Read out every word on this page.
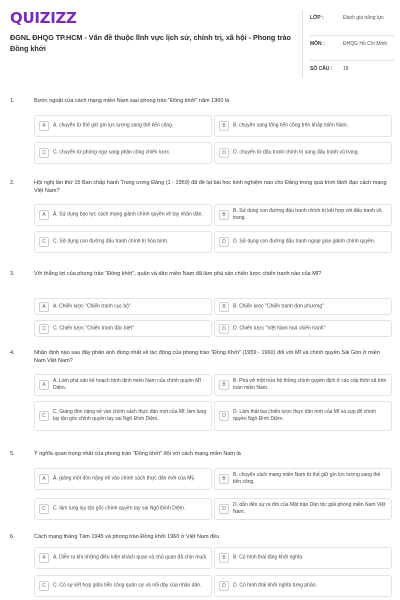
QUIZIZZ
ĐGNL ĐHQG TP.HCM - Vấn đề thuộc lĩnh vực lịch sử, chính trị, xã hội - Phong trào Đồng khởi
LỚP :	Đánh giá năng lực
MÔN :	ĐHQG Hồ Chí Minh
SỐ CÂU : 18
1.	Bước ngoặt của cách mạng miền Nam sau phong trào "Đồng khởi" năm 1960 là
A	A. chuyển từ thế giữ gìn lực lượng sang thế tiến công.	B	B. chuyển sang tổng tiến công trên khắp miền Nam.
C	C. chuyển từ phòng ngự sang phản công chiến lược.	D	D. chuyển từ đấu tranh chính trị sang đấu tranh vũ trang.
2.	Hội nghị lần thứ 15 Ban chấp hành Trung ương Đảng (1 - 1959) đã đề lại bài học kinh nghiệm nào cho Đảng trong quá trình lãnh đạo cách mạng Việt Nam?
A	A. Sử dụng bạo lực cách mạng giành chính quyền về tay nhân dân.	B
B. Sử dụng con đường đấu tranh chính trị kết hợp với đấu tranh vũ trang.
C	C. Sử dụng con đường đấu tranh chính trị hòa bình.	D	D. Sử dụng con đường đấu tranh ngoại giao giành chính quyền.
3.	Với thắng lợi của phong trào "Đồng khởi", quân và dân miền Nam đã làm phá sản chiến lược chiến tranh nào của Mĩ?
A	A. Chiến lược "Chiến tranh cục bộ"	B	B. Chiến lược "Chiến tranh đơn phương"
C	C. Chiến lược "Chiến tranh đặc biệt"	D	D. Chiến lược "Việt Nam hoá chiến tranh"
4.	Nhận định nào sau đây phản ánh đúng nhất về tác động của phong trào "Đồng Khởi" (1959 - 1960) đối với Mĩ và chính quyền Sài Gòn ở miền Nam Việt Nam?
A
A. Làm phá sản kế hoạch bình định miền Nam của chính quyền Mĩ - Diệm.	B
B. Phá vỡ một nửa hệ thống chính quyền địch ở các cấp thôn xã trên toàn miền Nam.
C
C. Giáng đòn nặng nề vào chính sách thực dân mới của Mĩ, làm lung lay tận gốc chính quyền tay sai Ngô Đình Diệm.	D
D. Làm thất bại chiến lược thực dân mới của Mĩ và sụp đổ chính quyền Ngô Đình Diệm.
5.	Ý nghĩa quan trọng nhất của phong trào "Đồng khởi" đối với cách mạng miền Nam là
A	A. giáng một đòn nặng nề vào chính sách thực dân mới của Mỹ.	B
B. chuyển cách mạng miền Nam từ thế giữ gìn lực lượng sang thế tiến công.
C	C. làm lung lay tận gốc chính quyền tay sai Ngô Đình Diệm.	D
D. dẫn đến sự ra đời của Mặt trận Dân tộc giải phóng miền Nam Việt Nam.
6.	Cách mạng tháng Tám 1945 và phong trào Đồng khởi 1960 ở Việt Nam đều
A	A. Diễn ra khi những điều kiện khách quan và chủ quan đã chín muồi.	B	B. Có hình thái tổng khởi nghĩa
C	C. Có sự kết hợp giữa tiến công quân sự và nổi dậy của nhân dân.	D	D. Có hình thái khởi nghĩa từng phần.
